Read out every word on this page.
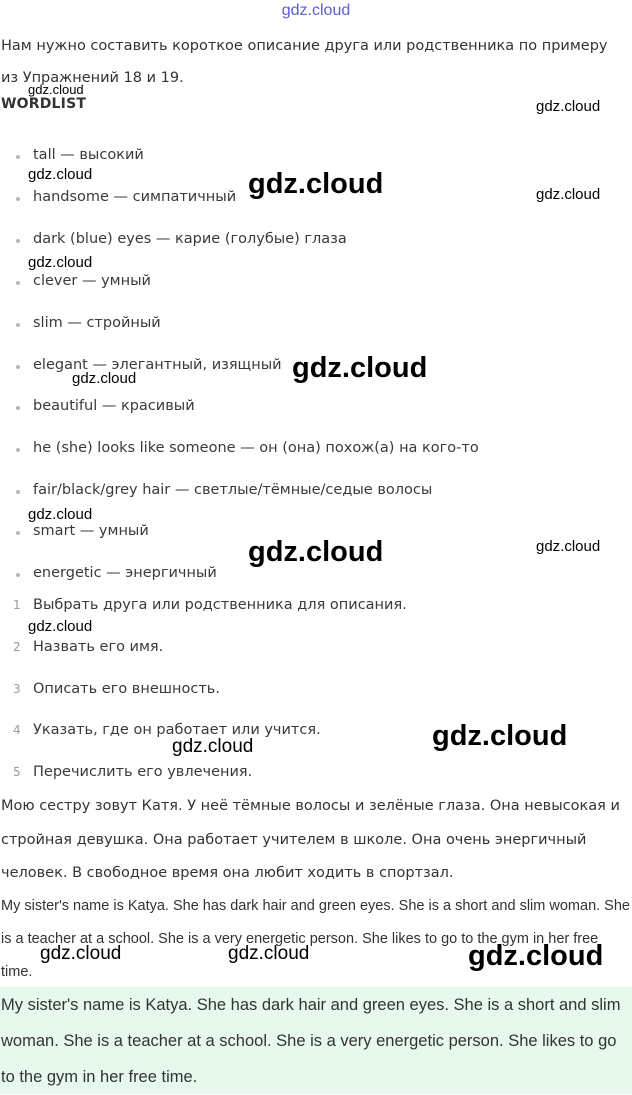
gdz.cloud
Нам нужно составить короткое описание друга или родственника по примеру из Упражнений 18 и 19.
WORDLIST
tall — высокий
handsome — симпатичный
dark (blue) eyes — карие (голубые) глаза
clever — умный
slim — стройный
elegant — элегантный, изящный
beautiful — красивый
he (she) looks like someone — он (она) похож(а) на кого-то
fair/black/grey hair — светлые/тёмные/седые волосы
smart — умный
energetic — энергичный
1 Выбрать друга или родственника для описания.
2 Назвать его имя.
3 Описать его внешность.
4 Указать, где он работает или учится.
5 Перечислить его увлечения.
Мою сестру зовут Катя. У неё тёмные волосы и зелёные глаза. Она невысокая и стройная девушка. Она работает учителем в школе. Она очень энергичный человек. В свободное время она любит ходить в спортзал.
My sister's name is Katya. She has dark hair and green eyes. She is a short and slim woman. She is a teacher at a school. She is a very energetic person. She likes to go to the gym in her free time.
My sister's name is Katya. She has dark hair and green eyes. She is a short and slim woman. She is a teacher at a school. She is a very energetic person. She likes to go to the gym in her free time.
gdz.cloud
gdz.cloud
gdz.cloud	gdz.cloud	gdz.cloud
gdz.cloud
gdz.cloud
gdz.cloud
gdz.cloud
gdz.cloud	gdz.cloud
gdz.cloud
gdz.cloud
gdz.cloud
gdz.cloud	gdz.cloud	gdz.cloud
